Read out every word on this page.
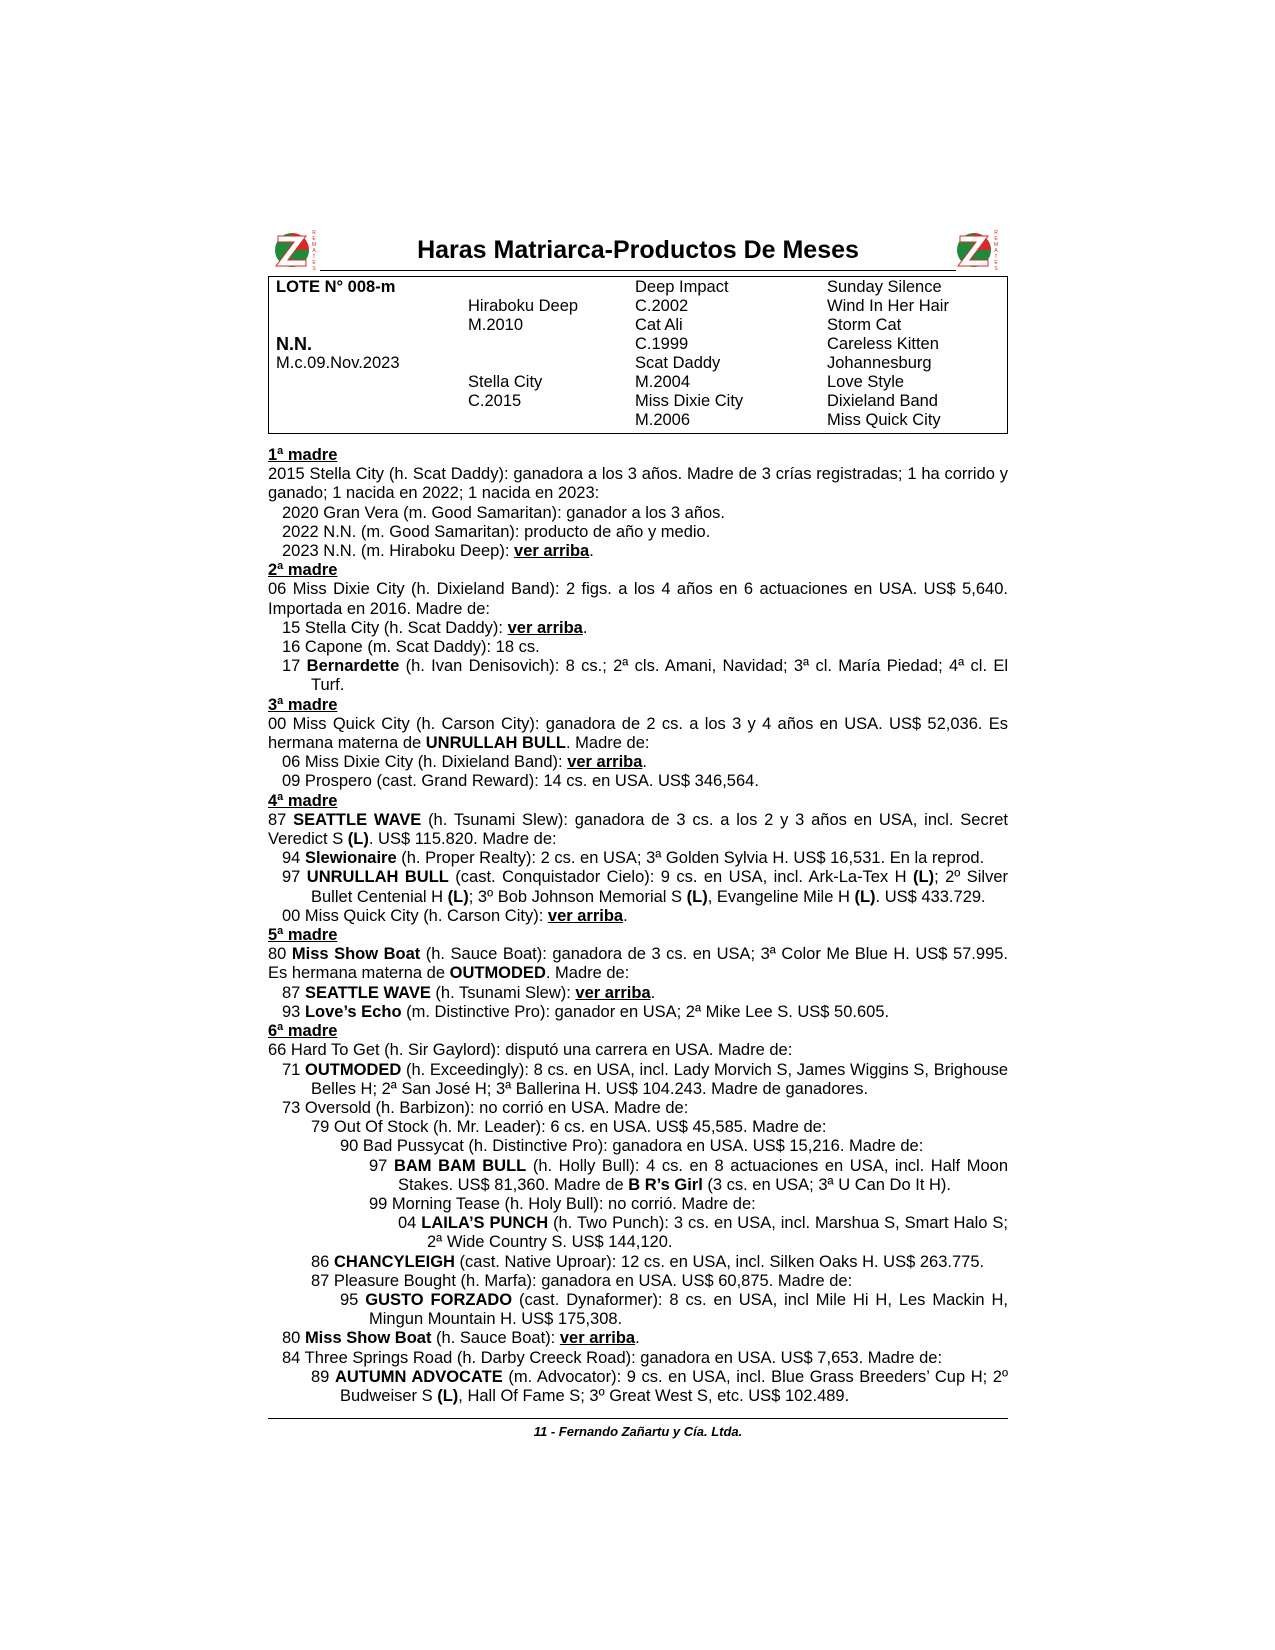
R
E
M
A
T
E
S
Haras Matriarca-Productos De Meses
R
E
M
A
T
E
S
LOTE N° 008-m
N.N.
M.c.09.Nov.2023
Hiraboku Deep
M.2010
Stella City
C.2015
Deep Impact
C.2002
Cat Ali
C.1999
Scat Daddy
M.2004
Miss Dixie City
M.2006
Sunday Silence
Wind In Her Hair
Storm Cat
Careless Kitten
Johannesburg
Love Style
Dixieland Band
Miss Quick City
1ª madre
2015 Stella City (h. Scat Daddy): ganadora a los 3 años. Madre de 3 crías registradas; 1 ha corrido y ganado; 1 nacida en 2022; 1 nacida en 2023:
2020 Gran Vera (m. Good Samaritan): ganador a los 3 años.
2022 N.N. (m. Good Samaritan): producto de año y medio.
2023 N.N. (m. Hiraboku Deep): ver arriba.
2ª madre
06 Miss Dixie City (h. Dixieland Band): 2 figs. a los 4 años en 6 actuaciones en USA. US$ 5,640. Importada en 2016. Madre de:
15 Stella City (h. Scat Daddy): ver arriba.
16 Capone (m. Scat Daddy): 18 cs.
17 Bernardette (h. Ivan Denisovich): 8 cs.; 2ª cls. Amani, Navidad; 3ª cl. María Piedad; 4ª cl. El Turf.
3ª madre
00 Miss Quick City (h. Carson City): ganadora de 2 cs. a los 3 y 4 años en USA. US$ 52,036. Es hermana materna de UNRULLAH BULL. Madre de:
06 Miss Dixie City (h. Dixieland Band): ver arriba.
09 Prospero (cast. Grand Reward): 14 cs. en USA. US$ 346,564.
4ª madre
87 SEATTLE WAVE (h. Tsunami Slew): ganadora de 3 cs. a los 2 y 3 años en USA, incl. Secret Veredict S (L). US$ 115.820. Madre de:
94 Slewionaire (h. Proper Realty): 2 cs. en USA; 3ª Golden Sylvia H. US$ 16,531. En la reprod.
97 UNRULLAH BULL (cast. Conquistador Cielo): 9 cs. en USA, incl. Ark-La-Tex H (L); 2º Silver Bullet Centenial H (L); 3º Bob Johnson Memorial S (L), Evangeline Mile H (L). US$ 433.729.
00 Miss Quick City (h. Carson City): ver arriba.
5ª madre
80 Miss Show Boat (h. Sauce Boat): ganadora de 3 cs. en USA; 3ª Color Me Blue H. US$ 57.995. Es hermana materna de OUTMODED. Madre de:
87 SEATTLE WAVE (h. Tsunami Slew): ver arriba.
93 Love’s Echo (m. Distinctive Pro): ganador en USA; 2ª Mike Lee S. US$ 50.605.
6ª madre
66 Hard To Get (h. Sir Gaylord): disputó una carrera en USA. Madre de:
71 OUTMODED (h. Exceedingly): 8 cs. en USA, incl. Lady Morvich S, James Wiggins S, Brighouse Belles H; 2ª San José H; 3ª Ballerina H. US$ 104.243. Madre de ganadores.
73 Oversold (h. Barbizon): no corrió en USA. Madre de:
79 Out Of Stock (h. Mr. Leader): 6 cs. en USA. US$ 45,585. Madre de:
90 Bad Pussycat (h. Distinctive Pro): ganadora en USA. US$ 15,216. Madre de:
97 BAM BAM BULL (h. Holly Bull): 4 cs. en 8 actuaciones en USA, incl. Half Moon Stakes. US$ 81,360. Madre de B R’s Girl (3 cs. en USA; 3ª U Can Do It H).
99 Morning Tease (h. Holy Bull): no corrió. Madre de:
04 LAILA’S PUNCH (h. Two Punch): 3 cs. en USA, incl. Marshua S, Smart Halo S; 2ª Wide Country S. US$ 144,120.
86 CHANCYLEIGH (cast. Native Uproar): 12 cs. en USA, incl. Silken Oaks H. US$ 263.775.
87 Pleasure Bought (h. Marfa): ganadora en USA. US$ 60,875. Madre de:
95 GUSTO FORZADO (cast. Dynaformer): 8 cs. en USA, incl Mile Hi H, Les Mackin H, Mingun Mountain H. US$ 175,308.
80 Miss Show Boat (h. Sauce Boat): ver arriba.
84 Three Springs Road (h. Darby Creeck Road): ganadora en USA. US$ 7,653. Madre de:
89 AUTUMN ADVOCATE (m. Advocator): 9 cs. en USA, incl. Blue Grass Breeders’ Cup H; 2º Budweiser S (L), Hall Of Fame S; 3º Great West S, etc. US$ 102.489.
11 - Fernando Zañartu y Cía. Ltda.
